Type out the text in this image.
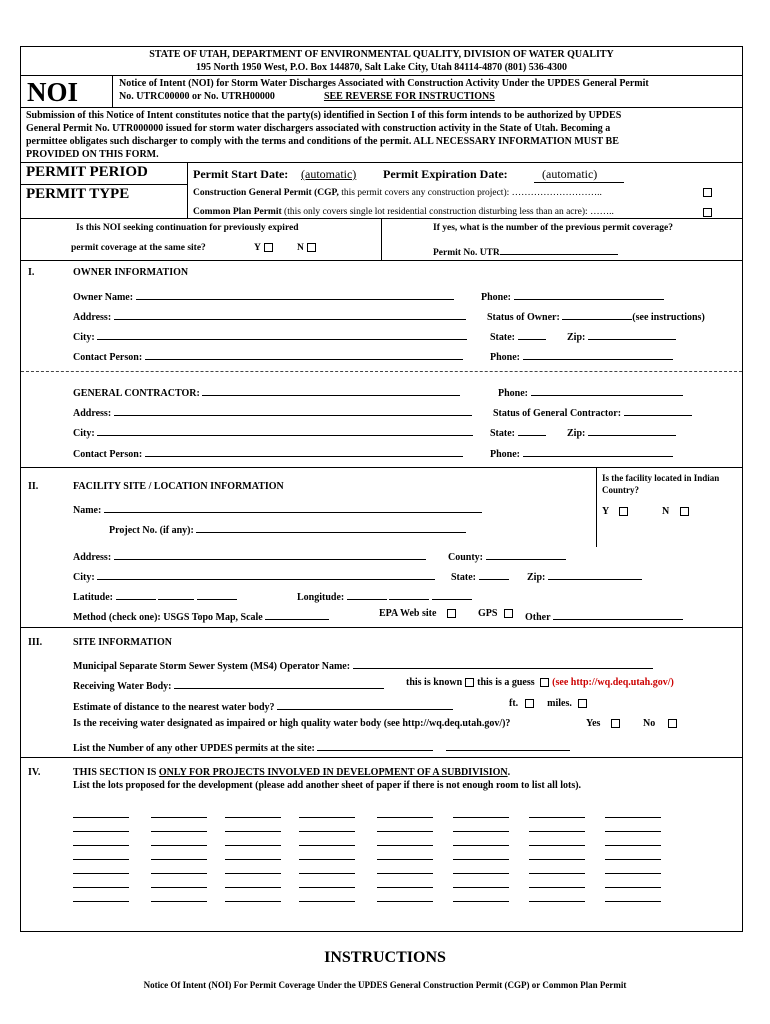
STATE OF UTAH, DEPARTMENT OF ENVIRONMENTAL QUALITY, DIVISION OF WATER QUALITY
195 North 1950 West, P.O. Box 144870, Salt Lake City, Utah 84114-4870 (801) 536-4300
NOI	Notice of Intent (NOI) for Storm Water Discharges Associated with Construction Activity Under the UPDES General Permit
No. UTRC00000 or No. UTRH00000	SEE REVERSE FOR INSTRUCTIONS
Submission of this Notice of Intent constitutes notice that the party(s) identified in Section I of this form intends to be authorized by UPDES
General Permit No. UTR000000 issued for storm water dischargers associated with construction activity in the State of Utah. Becoming a
permittee obligates such discharger to comply with the terms and conditions of the permit. ALL NECESSARY INFORMATION MUST BE
PROVIDED ON THIS FORM.
PERMIT PERIOD
PERMIT TYPE
Permit Start Date: (automatic) Permit Expiration Date:	(automatic)
Construction General Permit (CGP, this permit covers any construction project): ………………………..
Common Plan Permit (this only covers single lot residential construction disturbing less than an acre): ……..
Is this NOI seeking continuation for previously expired
permit coverage at the same site?	Y	N
If yes, what is the number of the previous permit coverage?
Permit No. UTR
I.	OWNER INFORMATION
Owner Name:	Phone:
Address:	Status of Owner:	(see instructions)
City:	State:	Zip:
Contact Person:	Phone:
GENERAL CONTRACTOR:	Phone:
Address:	Status of General Contractor:
City:	State:	Zip:
Contact Person:	Phone:
II.	FACILITY SITE / LOCATION INFORMATION
Is the facility located in Indian Country?
Y	N
Name:
Project No. (if any):
Address:	County:
City:	State:	Zip:
Latitude:	Longitude:
Method (check one): USGS Topo Map, Scale	EPA Web site	GPS	Other
III.	SITE INFORMATION
Municipal Separate Storm Sewer System (MS4) Operator Name:
Receiving Water Body:	this is known this is a guess (see http://wq.deq.utah.gov/)
Estimate of distance to the nearest water body?	ft.	miles.
Is the receiving water designated as impaired or high quality water body (see http://wq.deq.utah.gov/)?	Yes	No
List the Number of any other UPDES permits at the site:
IV.	THIS SECTION IS ONLY FOR PROJECTS INVOLVED IN DEVELOPMENT OF A SUBDIVISION.
List the lots proposed for the development (please add another sheet of paper if there is not enough room to list all lots).
INSTRUCTIONS
Notice Of Intent (NOI) For Permit Coverage Under the UPDES General Construction Permit (CGP) or Common Plan Permit
